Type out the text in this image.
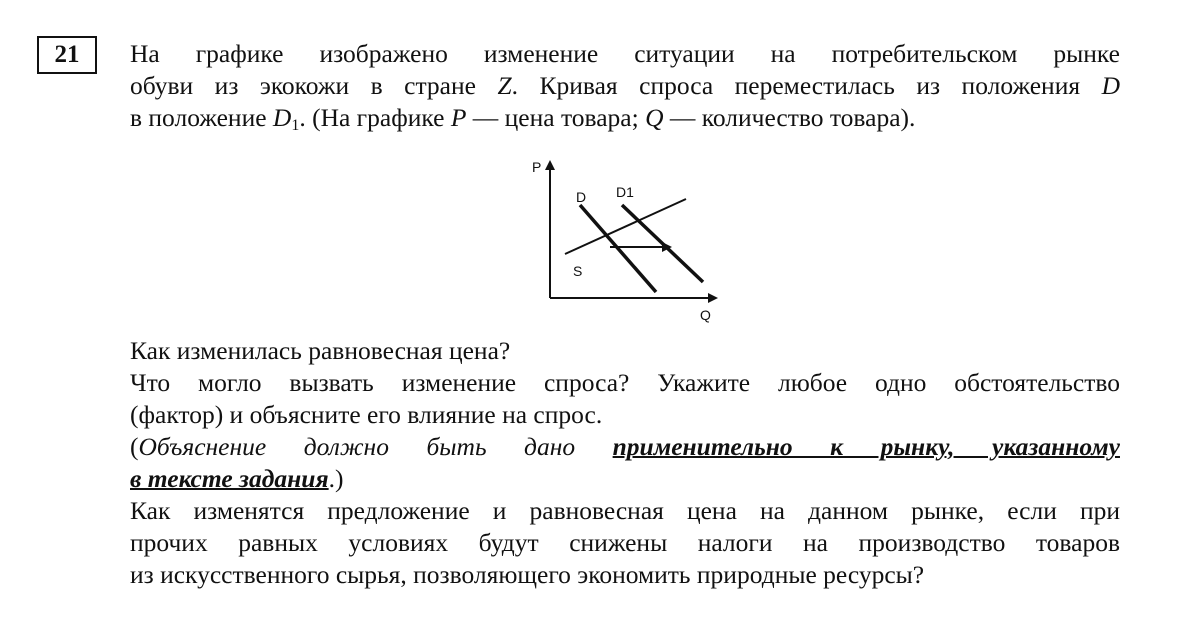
21	На графике изображено изменение ситуации на потребительском рынке
обуви из экокожи в стране Z. Кривая спроса переместилась из положения D
в положение $D_1$. (На графике P — цена товара; Q — количество товара).
P
Q
D D1
S
Как изменилась равновесная цена?
Что могло вызвать изменение спроса? Укажите любое одно обстоятельство
(фактор) и объясните его влияние на спрос.
(Объяснение должно быть дано применительно к рынку, указанному
в тексте задания.)
Как изменятся предложение и равновесная цена на данном рынке, если при
прочих равных условиях будут снижены налоги на производство товаров
из искусственного сырья, позволяющего экономить природные ресурсы?
